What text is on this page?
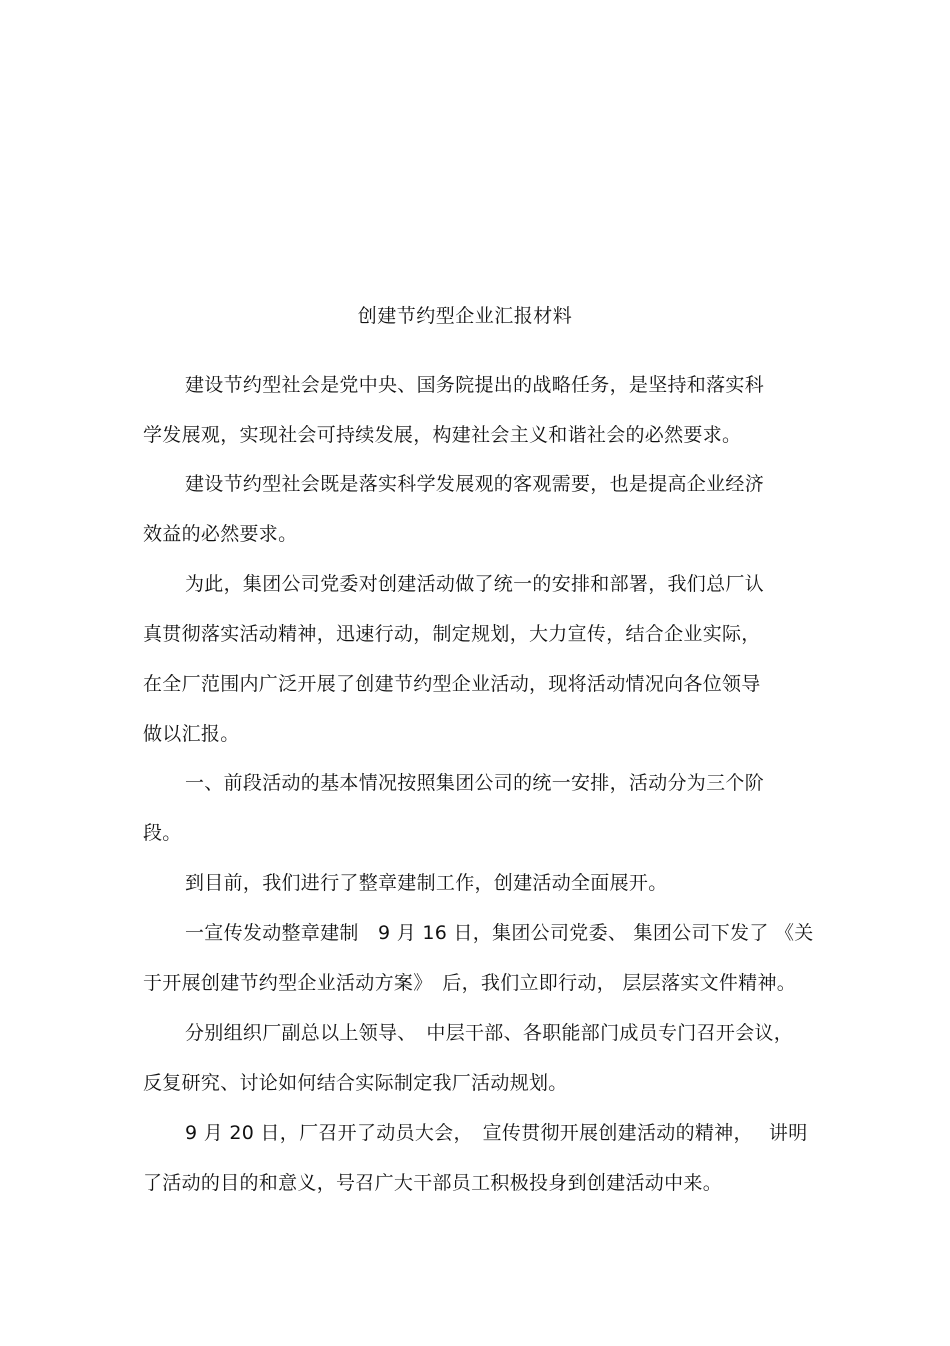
创建节约型企业汇报材料
建设节约型社会是党中央、国务院提出的战略任务，是坚持和落实科
学发展观，实现社会可持续发展，构建社会主义和谐社会的必然要求。
建设节约型社会既是落实科学发展观的客观需要，也是提高企业经济
效益的必然要求。
为此，集团公司党委对创建活动做了统一的安排和部署，我们总厂认
真贯彻落实活动精神，迅速行动，制定规划，大力宣传，结合企业实际，
在全厂范围内广泛开展了创建节约型企业活动，现将活动情况向各位领导
做以汇报。
一、前段活动的基本情况按照集团公司的统一安排，活动分为三个阶
段。
到目前，我们进行了整章建制工作，创建活动全面展开。
一宣传发动整章建制　9 月 16 日，集团公司党委、 集团公司下发了 《关
于开展创建节约型企业活动方案》　后，我们立即行动， 层层落实文件精神。
分别组织厂副总以上领导、　中层干部、各职能部门成员专门召开会议，
反复研究、讨论如何结合实际制定我厂活动规划。
9 月 20 日，厂召开了动员大会，　宣传贯彻开展创建活动的精神，　 讲明
了活动的目的和意义，号召广大干部员工积极投身到创建活动中来。
